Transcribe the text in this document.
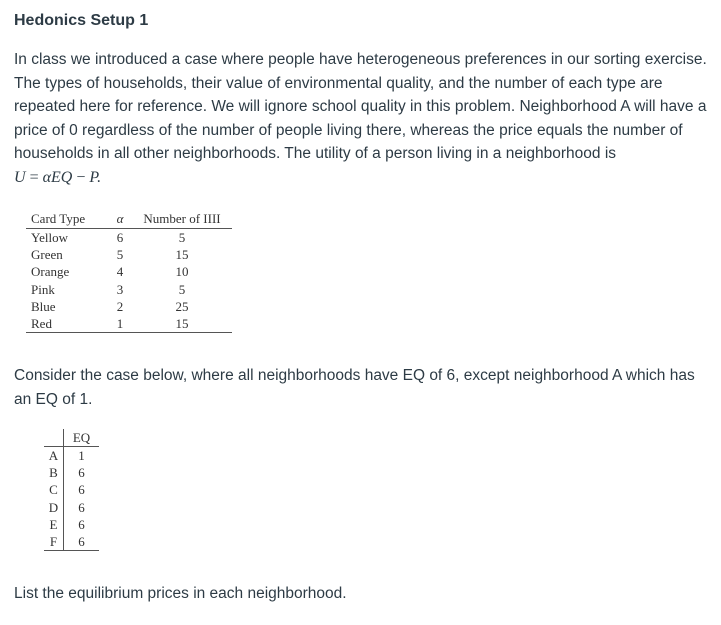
Hedonics Setup 1

In class we introduced a case where people have heterogeneous preferences in our sorting exercise. The types of households, their value of environmental quality, and the number of each type are repeated here for reference. We will ignore school quality in this problem. Neighborhood A will have a price of 0 regardless of the number of people living there, whereas the price equals the number of households in all other neighborhoods. The utility of a person living in a neighborhood is
U = αEQ − P.

Card Type	α	Number of IIII
Yellow	6	5
Green	5	15
Orange	4	10
Pink	3	5
Blue	2	25
Red	1	15

Consider the case below, where all neighborhoods have EQ of 6, except neighborhood A which has an EQ of 1.

	EQ
A	1
B	6
C	6
D	6
E	6
F	6

List the equilibrium prices in each neighborhood.
